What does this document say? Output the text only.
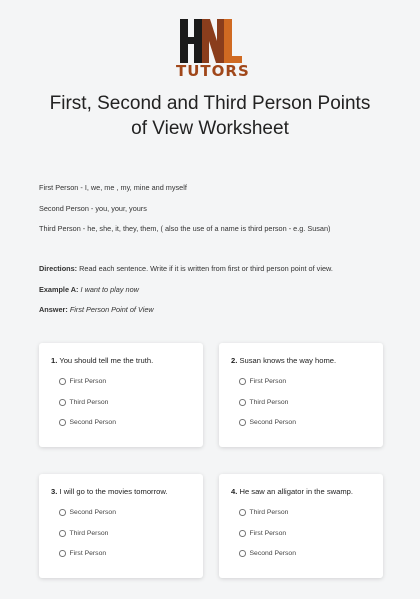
TUTORS
First, Second and Third Person Points
of View Worksheet

First Person - I, we, me , my, mine and myself

Second Person - you, your, yours

Third Person - he, she, it, they, them, ( also the use of a name is third person - e.g. Susan)

Directions: Read each sentence. Write if it is written from first or third person point of view.

Example A: I want to play now

Answer: First Person Point of View

1. You should tell me the truth.
First Person
Third Person
Second Person
2. Susan knows the way home.
First Person
Third Person
Second Person
3. I will go to the movies tomorrow.
Second Person
Third Person
First Person
4. He saw an alligator in the swamp.
Third Person
First Person
Second Person
